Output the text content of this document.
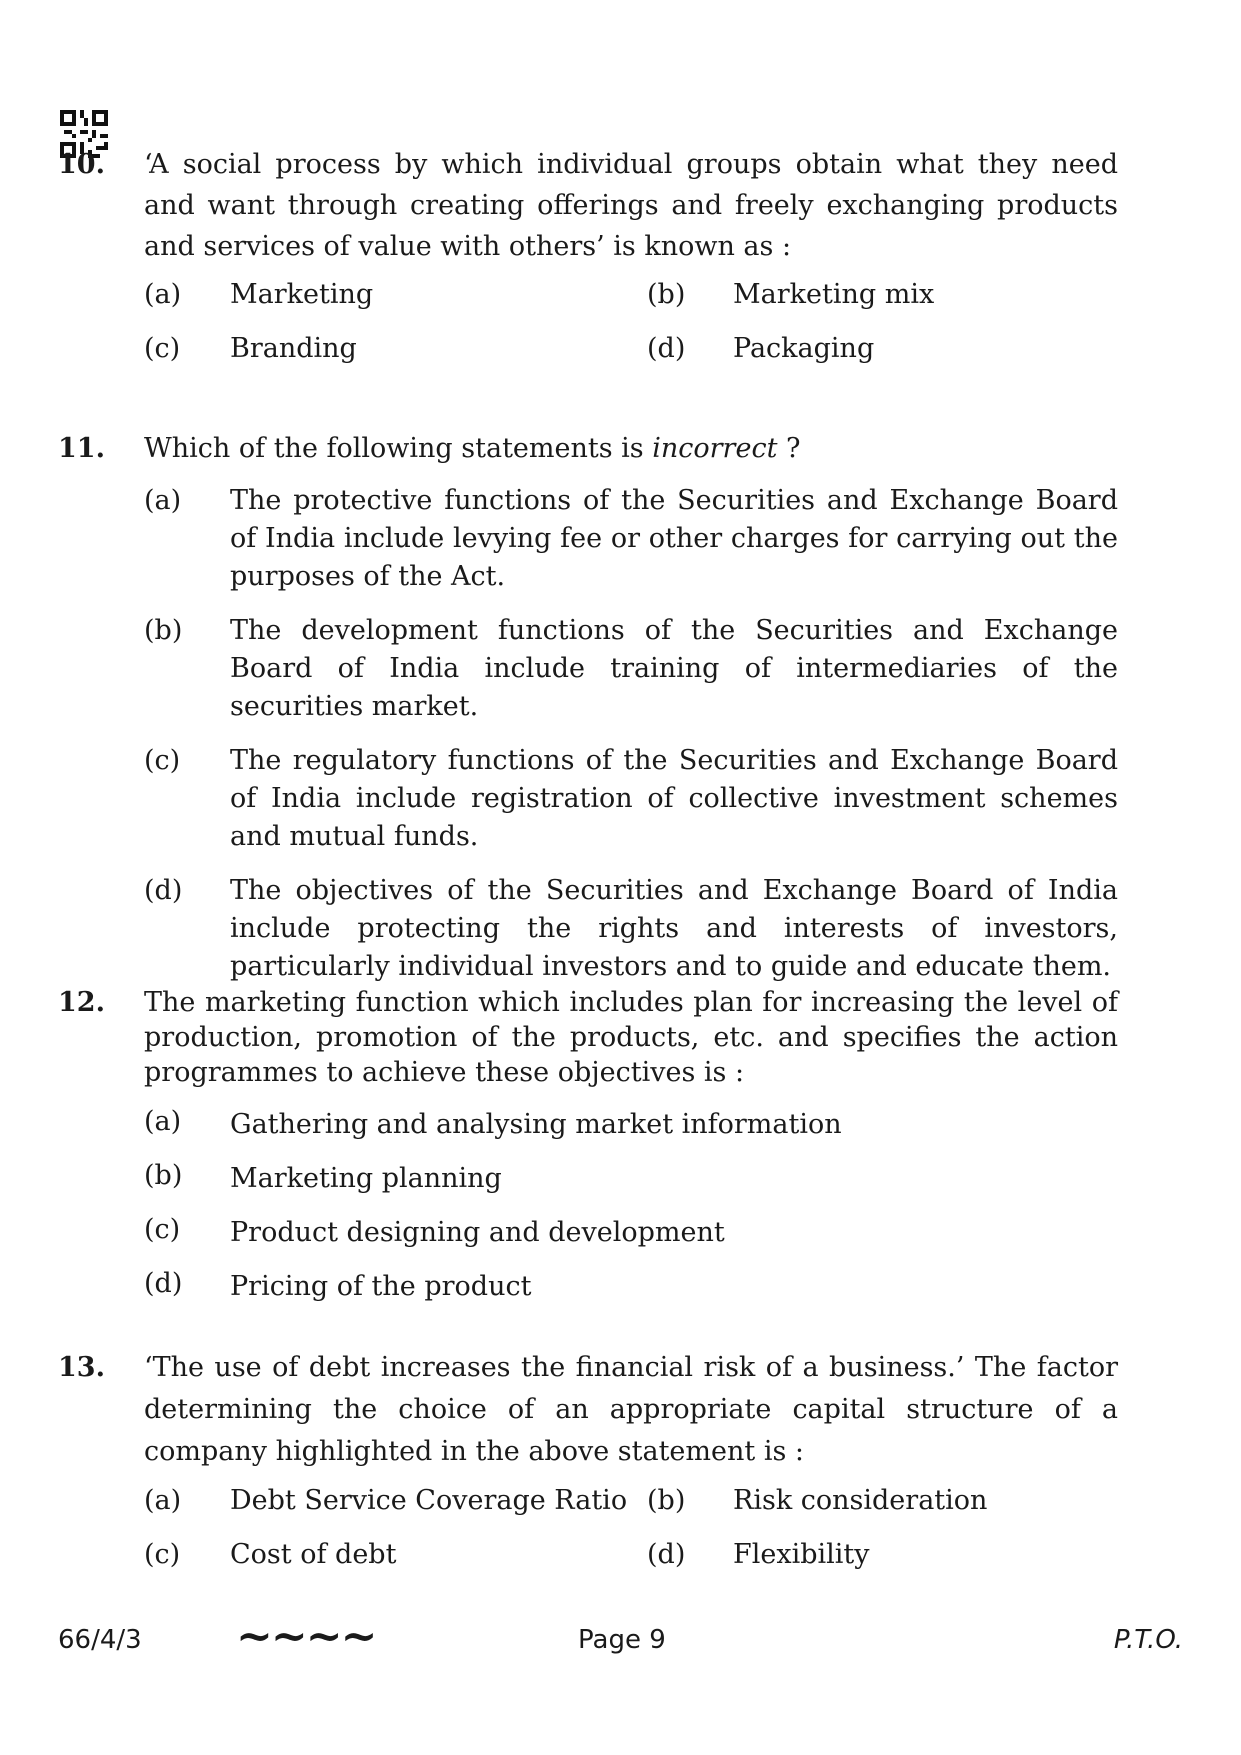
10. ‘A social process by which individual groups obtain what they need and want through creating offerings and freely exchanging products and services of value with others’ is known as :
(a) Marketing	(b) Marketing mix
(c) Branding	(d) Packaging
11. Which of the following statements is incorrect ?
(a) The protective functions of the Securities and Exchange Board of India include levying fee or other charges for carrying out the purposes of the Act.
(b) The development functions of the Securities and Exchange Board of India include training of intermediaries of the securities market.
(c) The regulatory functions of the Securities and Exchange Board of India include registration of collective investment schemes and mutual funds.
(d) The objectives of the Securities and Exchange Board of India include protecting the rights and interests of investors, particularly individual investors and to guide and educate them.
12. The marketing function which includes plan for increasing the level of production, promotion of the products, etc. and specifies the action programmes to achieve these objectives is :
(a) Gathering and analysing market information
(b) Marketing planning
(c) Product designing and development
(d) Pricing of the product
13. ‘The use of debt increases the financial risk of a business.’ The factor determining the choice of an appropriate capital structure of a company highlighted in the above statement is :
(a) Debt Service Coverage Ratio (b) Risk consideration
(c) Cost of debt	(d) Flexibility
66/4/3 ~~~~	Page 9	P.T.O.
